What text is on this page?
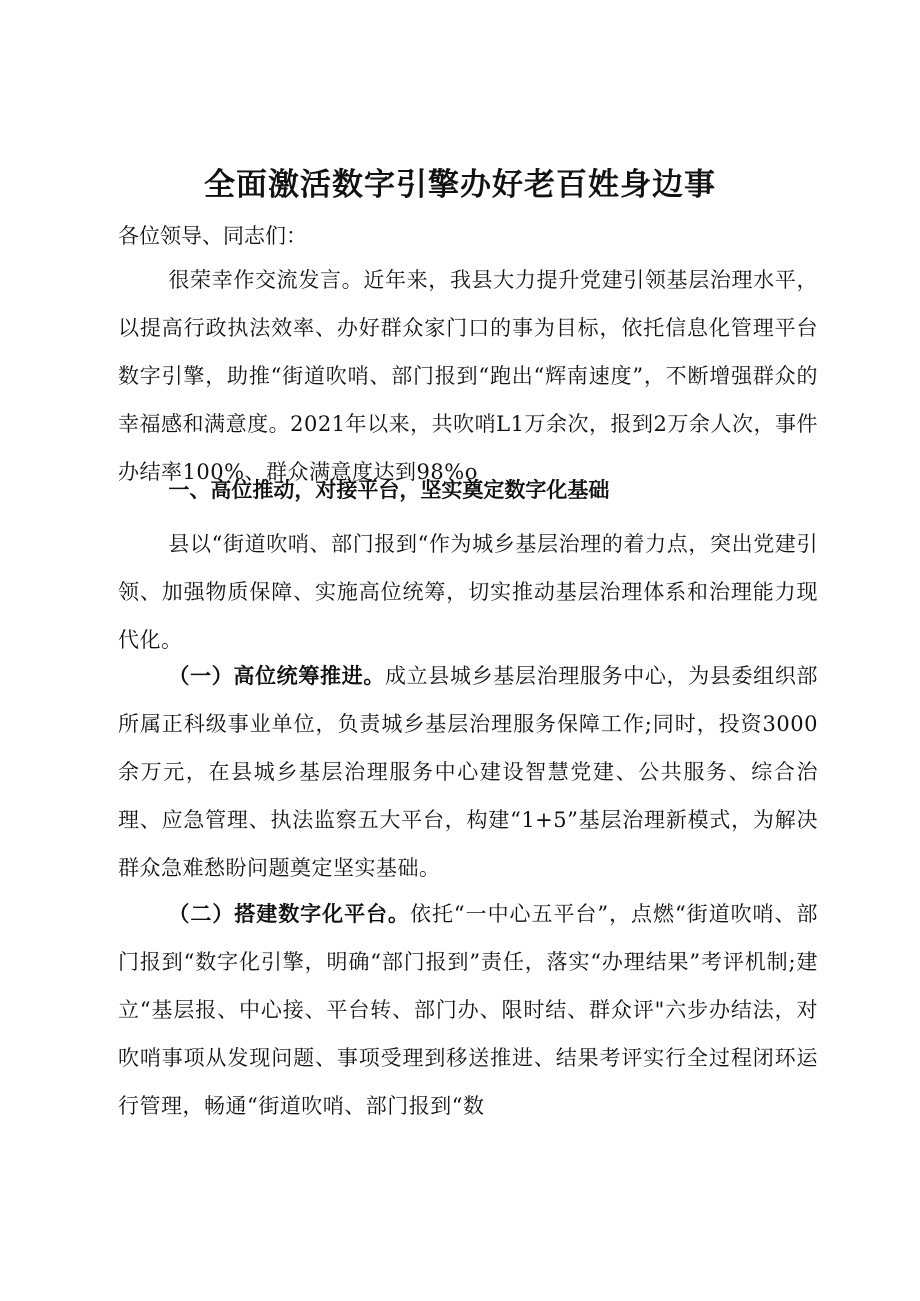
全面激活数字引擎办好老百姓身边事

各位领导、同志们：

很荣幸作交流发言。近年来，我县大力提升党建引领基层治理水平，以提高行政执法效率、办好群众家门口的事为目标，依托信息化管理平台数字引擎，助推“街道吹哨、部门报到“跑出“辉南速度”，不断增强群众的幸福感和满意度。2021年以来，共吹哨L1万余次，报到2万余人次，事件办结率100%、群众满意度达到98%o

一、高位推动，对接平台，坚实奠定数字化基础

县以“街道吹哨、部门报到“作为城乡基层治理的着力点，突出党建引领、加强物质保障、实施高位统筹，切实推动基层治理体系和治理能力现代化。

（一）高位统筹推进。成立县城乡基层治理服务中心，为县委组织部所属正科级事业单位，负责城乡基层治理服务保障工作;同时，投资3000余万元，在县城乡基层治理服务中心建设智慧党建、公共服务、综合治理、应急管理、执法监察五大平台，构建“1+5”基层治理新模式，为解决群众急难愁盼问题奠定坚实基础。

（二）搭建数字化平台。依托“一中心五平台”，点燃“街道吹哨、部门报到“数字化引擎，明确“部门报到”责任，落实“办理结果”考评机制;建立“基层报、中心接、平台转、部门办、限时结、群众评"六步办结法，对吹哨事项从发现问题、事项受理到移送推进、结果考评实行全过程闭环运行管理，畅通“街道吹哨、部门报到“数
